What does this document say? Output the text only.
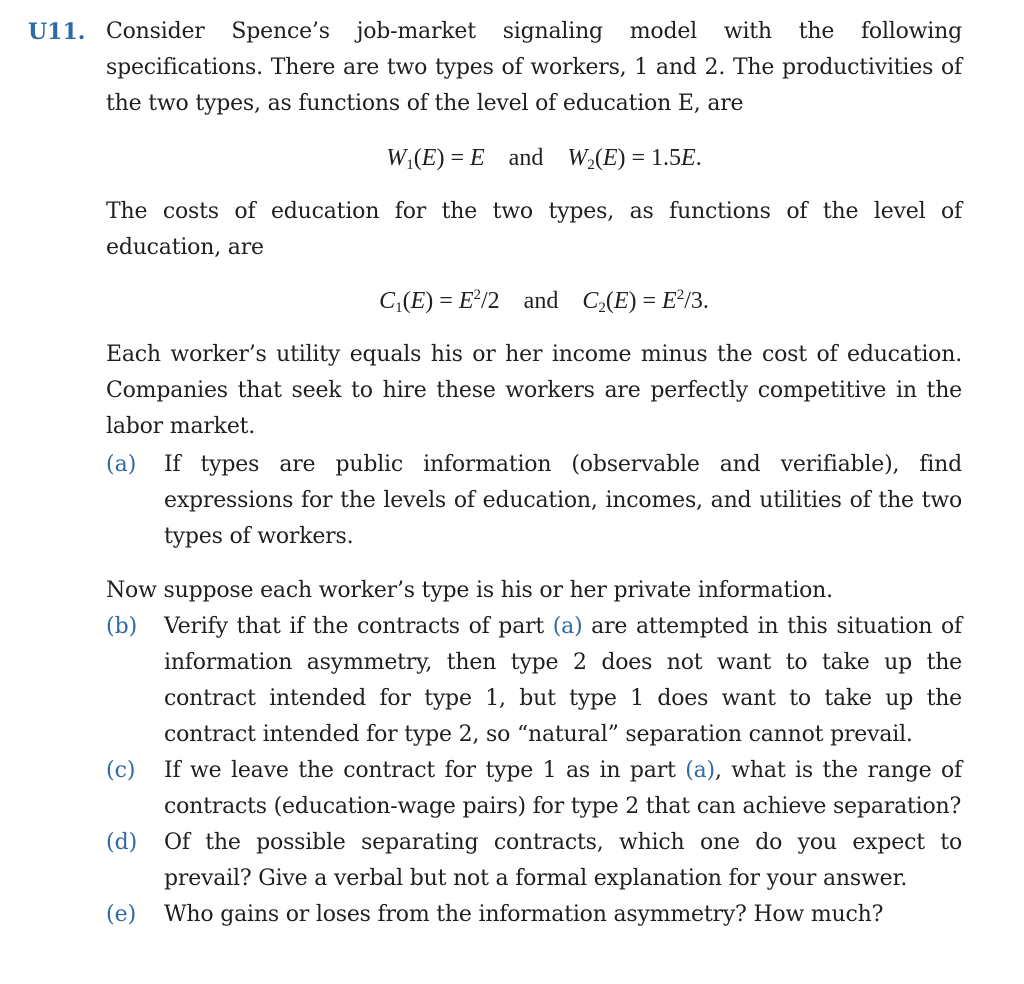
U11. Consider Spence’s job-market signaling model with the following specifications. There are two types of workers, 1 and 2. The productivities of the two types, as functions of the level of education E, are

$W_1(E) = E$ and $W_2(E) = 1.5E$.

The costs of education for the two types, as functions of the level of education, are

$C_1(E) = E^2/2$ and $C_2(E) = E^2/3$.

Each worker’s utility equals his or her income minus the cost of education. Companies that seek to hire these workers are perfectly competitive in the labor market.

(a) If types are public information (observable and verifiable), find expressions for the levels of education, incomes, and utilities of the two types of workers.

Now suppose each worker’s type is his or her private information.

(b) Verify that if the contracts of part (a) are attempted in this situation of information asymmetry, then type 2 does not want to take up the contract intended for type 1, but type 1 does want to take up the contract intended for type 2, so “natural” separation cannot prevail.
(c) If we leave the contract for type 1 as in part (a), what is the range of contracts (education-wage pairs) for type 2 that can achieve separation?
(d) Of the possible separating contracts, which one do you expect to prevail? Give a verbal but not a formal explanation for your answer.
(e) Who gains or loses from the information asymmetry? How much?
